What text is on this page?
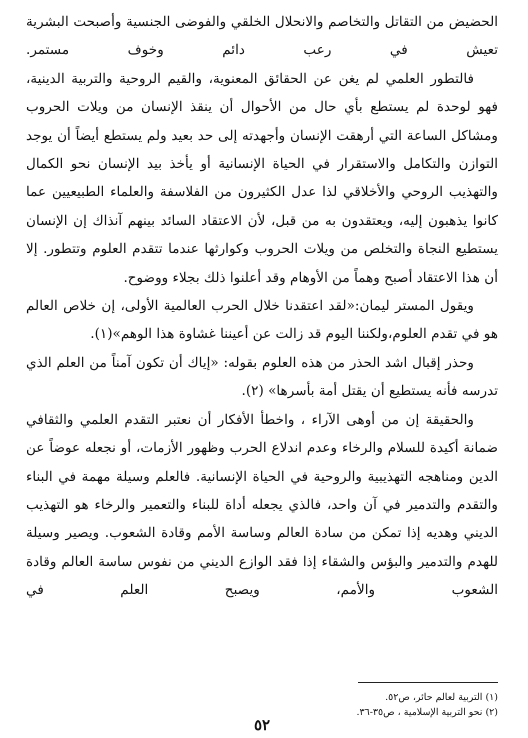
الحضيض من التقاتل والتخاصم والانحلال الخلقي والفوضى الجنسية وأصبحت البشرية تعيش في رعب دائم وخوف مستمر.

فالتطور العلمي لم يغن عن الحقائق المعنوية، والقيم الروحية والتربية الدينية، فهو لوحدة لم يستطع بأي حال من الأحوال أن ينقذ الإنسان من ويلات الحروب ومشاكل الساعة التي أرهقت الإنسان وأجهدته إلى حد بعيد ولم يستطع أيضاً أن يوجد التوازن والتكامل والاستقرار في الحياة الإنسانية أو يأخذ بيد الإنسان نحو الكمال والتهذيب الروحي والأخلاقي لذا عدل الكثيرون من الفلاسفة والعلماء الطبيعيين عما كانوا يذهبون إليه، ويعتقدون به من قبل، لأن الاعتقاد السائد بينهم آنذاك إن الإنسان يستطيع النجاة والتخلص من ويلات الحروب وكوارثها عندما تتقدم العلوم وتتطور. إلا أن هذا الاعتقاد أصبح وهماً من الأوهام وقد أعلنوا ذلك بجلاء ووضوح.

ويقول المستر ليمان:«لقد اعتقدنا خلال الحرب العالمية الأولى، إن خلاص العالم هو في تقدم العلوم،ولكننا اليوم قد زالت عن أعيننا غشاوة هذا الوهم»(١).

وحذر إقبال اشد الحذر من هذه العلوم بقوله: «إياك أن تكون آمناً من العلم الذي تدرسه فأنه يستطيع أن يقتل أمة بأسرها» (٢).

والحقيقة إن من أوهى الآراء ، واخطأ الأفكار أن نعتبر التقدم العلمي والثقافي ضمانة أكيدة للسلام والرخاء وعدم اندلاع الحرب وظهور الأزمات، أو نجعله عوضاً عن الدين ومناهجه التهذيبية والروحية في الحياة الإنسانية. فالعلم وسيلة مهمة في البناء والتقدم والتدمير في آن واحد، فالذي يجعله أداة للبناء والتعمير والرخاء هو التهذيب الديني وهديه إذا تمكن من سادة العالم وساسة الأمم وقادة الشعوب. ويصير وسيلة للهدم والتدمير والبؤس والشقاء إذا فقد الوازع الديني من نفوس ساسة العالم وقادة الشعوب والأمم، ويصبح العلم في

(١) التربية لعالم حائر، ص٥٢.
(٢) نحو التربية الإسلامية ، ص٣٥-٣٦.
٥٢
